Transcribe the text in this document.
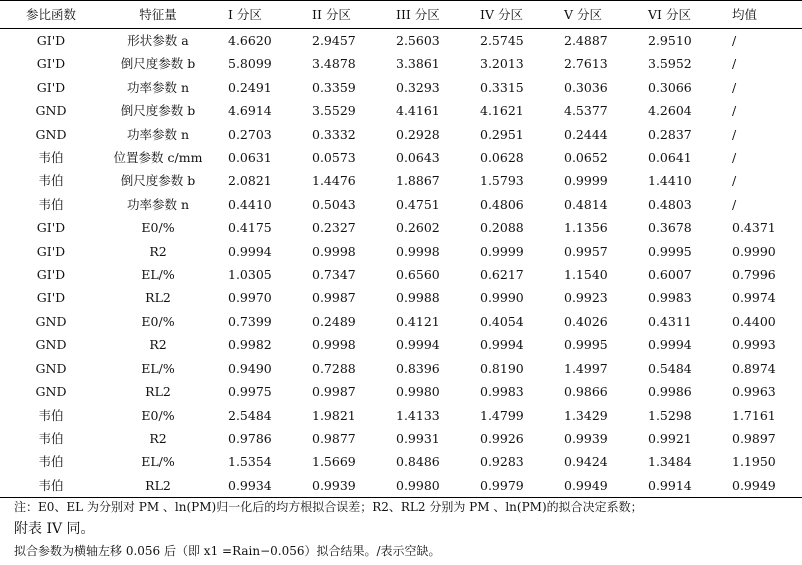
参比函数	特征量	I 分区	II 分区	III 分区	IV 分区	V 分区	VI 分区	均值
GI'D	形状参数 a	4.6620	2.9457	2.5603	2.5745	2.4887	2.9510	/
GI'D	倒尺度参数 b	5.8099	3.4878	3.3861	3.2013	2.7613	3.5952	/
GI'D	功率参数 n	0.2491	0.3359	0.3293	0.3315	0.3036	0.3066	/
GND	倒尺度参数 b	4.6914	3.5529	4.4161	4.1621	4.5377	4.2604	/
GND	功率参数 n	0.2703	0.3332	0.2928	0.2951	0.2444	0.2837	/
韦伯	位置参数 c/mm	0.0631	0.0573	0.0643	0.0628	0.0652	0.0641	/
韦伯	倒尺度参数 b	2.0821	1.4476	1.8867	1.5793	0.9999	1.4410	/
韦伯	功率参数 n	0.4410	0.5043	0.4751	0.4806	0.4814	0.4803	/
GI'D	E0/%	0.4175	0.2327	0.2602	0.2088	1.1356	0.3678	0.4371
GI'D	R2	0.9994	0.9998	0.9998	0.9999	0.9957	0.9995	0.9990
GI'D	EL/%	1.0305	0.7347	0.6560	0.6217	1.1540	0.6007	0.7996
GI'D	RL2	0.9970	0.9987	0.9988	0.9990	0.9923	0.9983	0.9974
GND	E0/%	0.7399	0.2489	0.4121	0.4054	0.4026	0.4311	0.4400
GND	R2	0.9982	0.9998	0.9994	0.9994	0.9995	0.9994	0.9993
GND	EL/%	0.9490	0.7288	0.8396	0.8190	1.4997	0.5484	0.8974
GND	RL2	0.9975	0.9987	0.9980	0.9983	0.9866	0.9986	0.9963
韦伯	E0/%	2.5484	1.9821	1.4133	1.4799	1.3429	1.5298	1.7161
韦伯	R2	0.9786	0.9877	0.9931	0.9926	0.9939	0.9921	0.9897
韦伯	EL/%	1.5354	1.5669	0.8486	0.9283	0.9424	1.3484	1.1950
韦伯	RL2	0.9934	0.9939	0.9980	0.9979	0.9949	0.9914	0.9949
注：E0、EL 为分别对 PM 、ln(PM)归一化后的均方根拟合误差；R2、RL2 分别为 PM 、ln(PM)的拟合决定系数；
附表 IV 同。
拟合参数为横轴左移 0.056 后（即 x1 =Rain−0.056）拟合结果。/表示空缺。
